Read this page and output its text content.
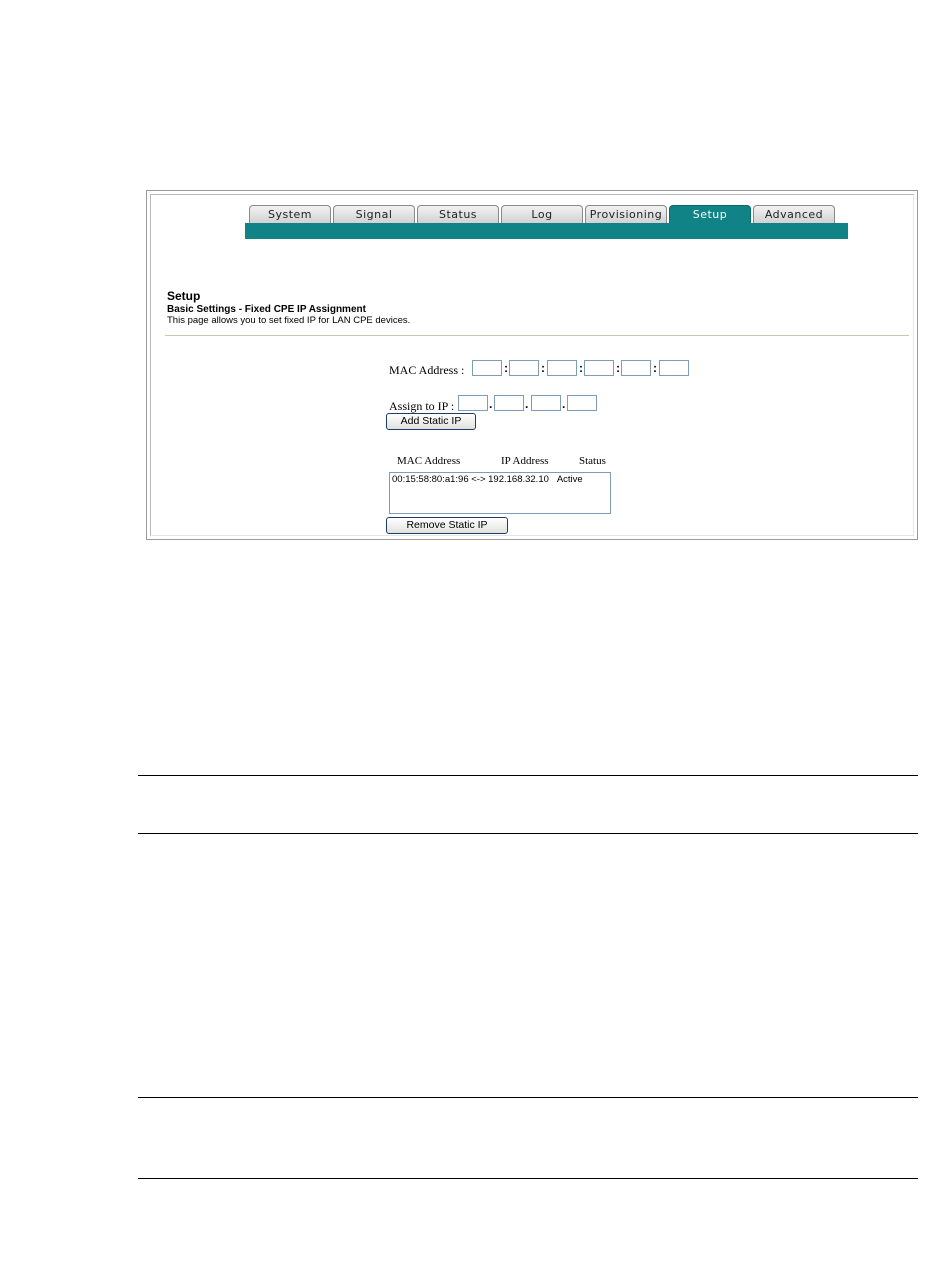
System	Signal	Status	Log	Provisioning	Setup	Advanced
Setup
Basic Settings - Fixed CPE IP Assignment
This page allows you to set fixed IP for LAN CPE devices.
MAC Address :	:	:	:	:	:
Assign to IP :	.	.	.
Add Static IP
MAC Address	IP Address	Status
00:15:58:80:a1:96 <-> 192.168.32.10 Active
Remove Static IP
